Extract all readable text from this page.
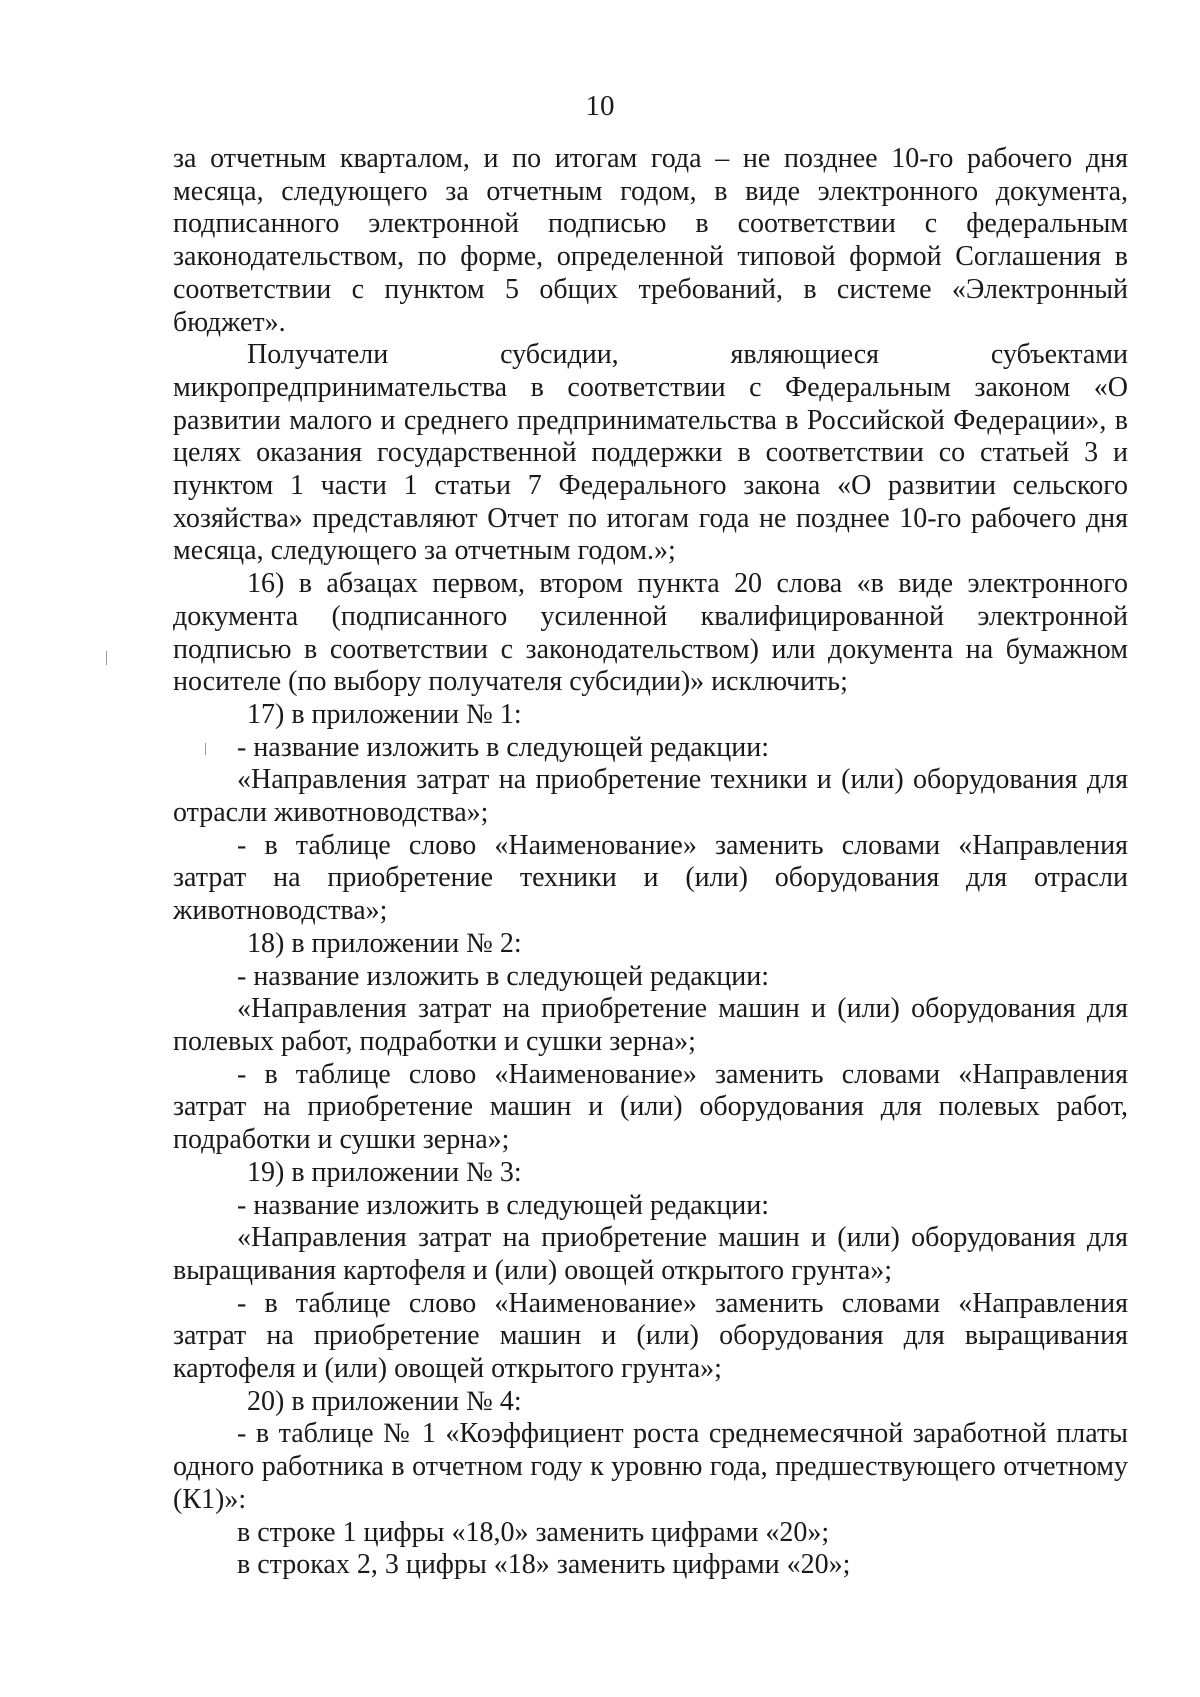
10

за отчетным кварталом, и по итогам года – не позднее 10-го рабочего дня месяца, следующего за отчетным годом, в виде электронного документа, подписанного электронной подписью в соответствии с федеральным законодательством, по форме, определенной типовой формой Соглашения в соответствии с пунктом 5 общих требований, в системе «Электронный бюджет».

Получатели субсидии, являющиеся субъектами микропредпринимательства в соответствии с Федеральным законом «О развитии малого и среднего предпринимательства в Российской Федерации», в целях оказания государственной поддержки в соответствии со статьей 3 и пунктом 1 части 1 статьи 7 Федерального закона «О развитии сельского хозяйства» представляют Отчет по итогам года не позднее 10-го рабочего дня месяца, следующего за отчетным годом.»;

16) в абзацах первом, втором пункта 20 слова «в виде электронного документа (подписанного усиленной квалифицированной электронной подписью в соответствии с законодательством) или документа на бумажном носителе (по выбору получателя субсидии)» исключить;

17) в приложении № 1:

- название изложить в следующей редакции:

«Направления затрат на приобретение техники и (или) оборудования для отрасли животноводства»;

- в таблице слово «Наименование» заменить словами «Направления затрат на приобретение техники и (или) оборудования для отрасли животноводства»;

18) в приложении № 2:

- название изложить в следующей редакции:

«Направления затрат на приобретение машин и (или) оборудования для полевых работ, подработки и сушки зерна»;

- в таблице слово «Наименование» заменить словами «Направления затрат на приобретение машин и (или) оборудования для полевых работ, подработки и сушки зерна»;

19) в приложении № 3:

- название изложить в следующей редакции:

«Направления затрат на приобретение машин и (или) оборудования для выращивания картофеля и (или) овощей открытого грунта»;

- в таблице слово «Наименование» заменить словами «Направления затрат на приобретение машин и (или) оборудования для выращивания картофеля и (или) овощей открытого грунта»;

20) в приложении № 4:

- в таблице № 1 «Коэффициент роста среднемесячной заработной платы одного работника в отчетном году к уровню года, предшествующего отчетному (К1)»:

в строке 1 цифры «18,0» заменить цифрами «20»;

в строках 2, 3 цифры «18» заменить цифрами «20»;
